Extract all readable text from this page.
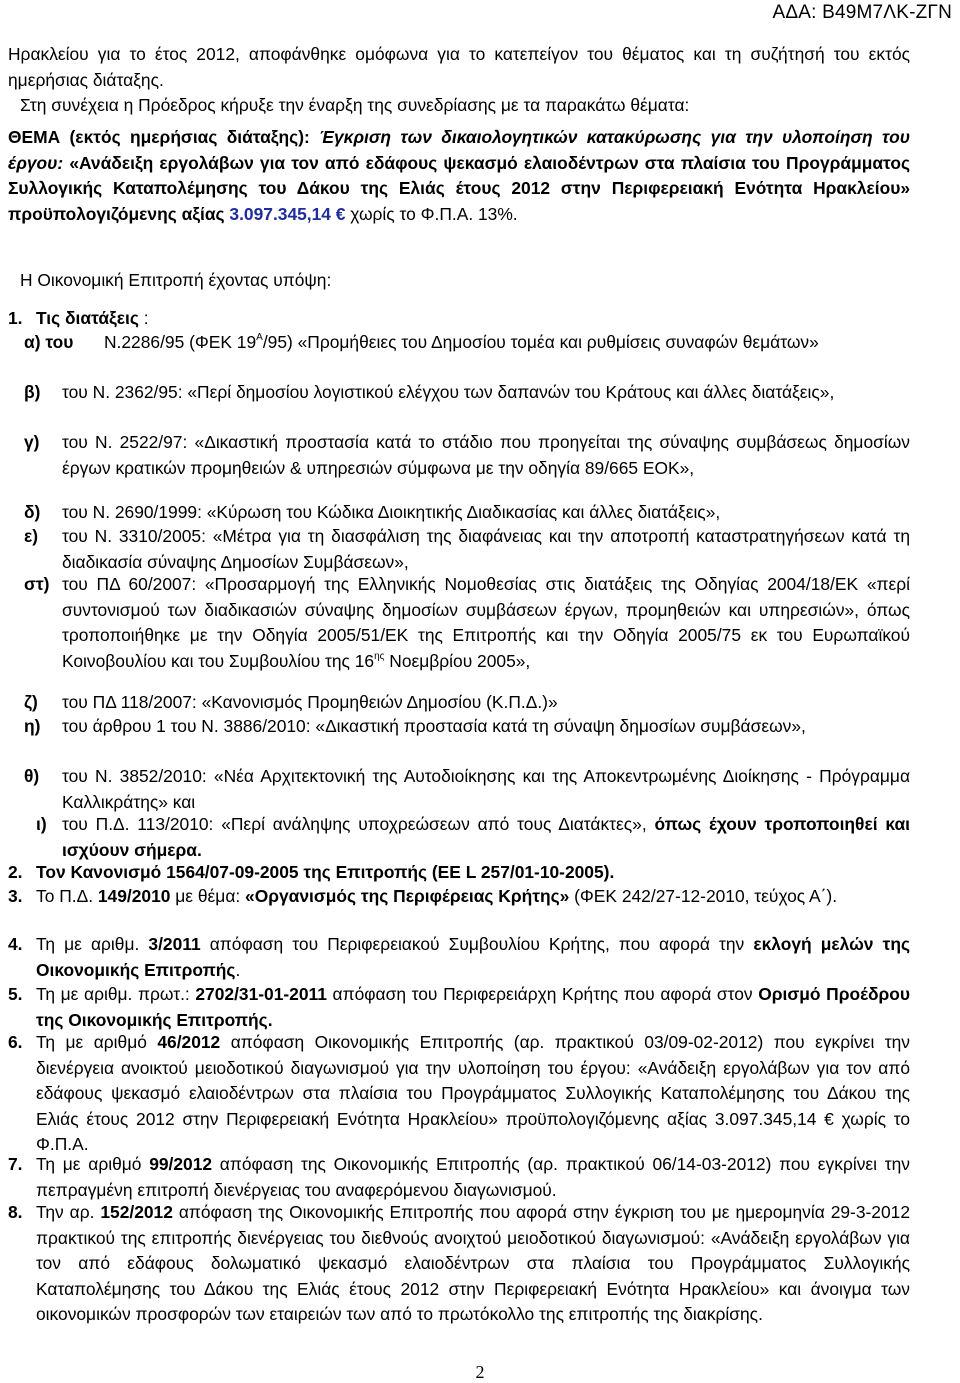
ΑΔΑ: Β49Μ7ΛΚ-ΖΓΝ
Ηρακλείου για το έτος 2012, αποφάνθηκε ομόφωνα για το κατεπείγον του θέματος και τη συζήτησή του εκτός ημερήσιας διάταξης.
Στη συνέχεια η Πρόεδρος κήρυξε την έναρξη της συνεδρίασης με τα παρακάτω θέματα:
ΘΕΜΑ (εκτός ημερήσιας διάταξης): Έγκριση των δικαιολογητικών κατακύρωσης για την υλοποίηση του έργου: «Ανάδειξη εργολάβων για τον από εδάφους ψεκασμό ελαιοδέντρων στα πλαίσια του Προγράμματος Συλλογικής Καταπολέμησης του Δάκου της Ελιάς έτους 2012 στην Περιφερειακή Ενότητα Ηρακλείου» προϋπολογιζόμενης αξίας 3.097.345,14 € χωρίς το Φ.Π.Α. 13%.
Η Οικονομική Επιτροπή έχοντας υπόψη:
1. Τις διατάξεις :
α) του	Ν.2286/95 (ΦΕΚ $19^A/95$) «Προμήθειες του Δημοσίου τομέα και ρυθμίσεις συναφών θεμάτων»
β) του Ν. 2362/95: «Περί δημοσίου λογιστικού ελέγχου των δαπανών του Κράτους και άλλες διατάξεις»,
γ) του Ν. 2522/97: «Δικαστική προστασία κατά το στάδιο που προηγείται της σύναψης συμβάσεως δημοσίων έργων κρατικών προμηθειών & υπηρεσιών σύμφωνα με την οδηγία 89/665 ΕΟΚ»,
δ) του Ν. 2690/1999: «Κύρωση του Κώδικα Διοικητικής Διαδικασίας και άλλες διατάξεις»,
ε) του Ν. 3310/2005: «Μέτρα για τη διασφάλιση της διαφάνειας και την αποτροπή καταστρατηγήσεων κατά τη διαδικασία σύναψης Δημοσίων Συμβάσεων»,
στ) του ΠΔ 60/2007: «Προσαρμογή της Ελληνικής Νομοθεσίας στις διατάξεις της Οδηγίας 2004/18/ΕΚ «περί συντονισμού των διαδικασιών σύναψης δημοσίων συμβάσεων έργων, προμηθειών και υπηρεσιών», όπως τροποποιήθηκε με την Οδηγία 2005/51/ΕΚ της Επιτροπής και την Οδηγία 2005/75 εκ του Ευρωπαϊκού Κοινοβουλίου και του Συμβουλίου της $16^{\eta\varsigma}$ Νοεμβρίου 2005»,
ζ) του ΠΔ 118/2007: «Κανονισμός Προμηθειών Δημοσίου (Κ.Π.Δ.)»
η) του άρθρου 1 του Ν. 3886/2010: «Δικαστική προστασία κατά τη σύναψη δημοσίων συμβάσεων»,
θ) του Ν. 3852/2010: «Νέα Αρχιτεκτονική της Αυτοδιοίκησης και της Αποκεντρωμένης Διοίκησης - Πρόγραμμα Καλλικράτης» και
ι) του Π.Δ. 113/2010: «Περί ανάληψης υποχρεώσεων από τους Διατάκτες», όπως έχουν τροποποιηθεί και ισχύουν σήμερα.
2. Τον Κανονισμό 1564/07-09-2005 της Επιτροπής (ΕΕ L 257/01-10-2005).
3. Το Π.Δ. 149/2010 με θέμα: «Οργανισμός της Περιφέρειας Κρήτης» (ΦΕΚ 242/27-12-2010, τεύχος Α΄).
4. Τη με αριθμ. 3/2011 απόφαση του Περιφερειακού Συμβουλίου Κρήτης, που αφορά την εκλογή μελών της Οικονομικής Επιτροπής.
5. Τη με αριθμ. πρωτ.: 2702/31-01-2011 απόφαση του Περιφερειάρχη Κρήτης που αφορά στον Ορισμό Προέδρου της Οικονομικής Επιτροπής.
6. Τη με αριθμό 46/2012 απόφαση Οικονομικής Επιτροπής (αρ. πρακτικού 03/09-02-2012) που εγκρίνει την διενέργεια ανοικτού μειοδοτικού διαγωνισμού για την υλοποίηση του έργου: «Ανάδειξη εργολάβων για τον από εδάφους ψεκασμό ελαιοδέντρων στα πλαίσια του Προγράμματος Συλλογικής Καταπολέμησης του Δάκου της Ελιάς έτους 2012 στην Περιφερειακή Ενότητα Ηρακλείου» προϋπολογιζόμενης αξίας 3.097.345,14 € χωρίς το Φ.Π.Α.
7. Τη με αριθμό 99/2012 απόφαση της Οικονομικής Επιτροπής (αρ. πρακτικού 06/14-03-2012) που εγκρίνει την πεπραγμένη επιτροπή διενέργειας του αναφερόμενου διαγωνισμού.
8. Την αρ. 152/2012 απόφαση της Οικονομικής Επιτροπής που αφορά στην έγκριση του με ημερομηνία 29-3-2012 πρακτικού της επιτροπής διενέργειας του διεθνούς ανοιχτού μειοδοτικού διαγωνισμού: «Ανάδειξη εργολάβων για τον από εδάφους δολωματικό ψεκασμό ελαιοδέντρων στα πλαίσια του Προγράμματος Συλλογικής Καταπολέμησης του Δάκου της Ελιάς έτους 2012 στην Περιφερειακή Ενότητα Ηρακλείου» και άνοιγμα των οικονομικών προσφορών των εταιρειών των από το πρωτόκολλο της επιτροπής της διακρίσης.
2
